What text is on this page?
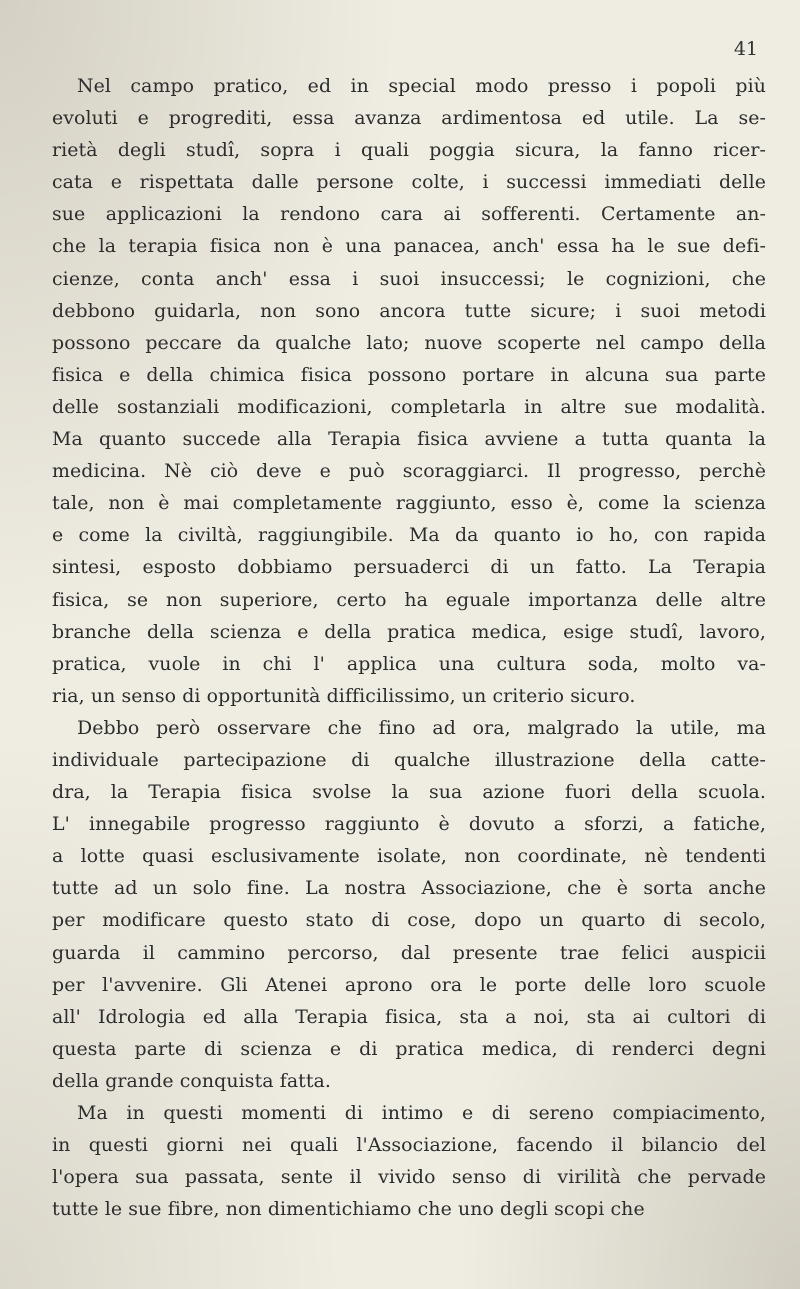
41
Nel campo pratico, ed in special modo presso i popoli più
evoluti e progrediti, essa avanza ardimentosa ed utile. La se-
rietà degli studî, sopra i quali poggia sicura, la fanno ricer-
cata e rispettata dalle persone colte, i successi immediati delle
sue applicazioni la rendono cara ai sofferenti. Certamente an-
che la terapia fisica non è una panacea, anch' essa ha le sue defi-
cienze, conta anch' essa i suoi insuccessi; le cognizioni, che
debbono guidarla, non sono ancora tutte sicure; i suoi metodi
possono peccare da qualche lato; nuove scoperte nel campo della
fisica e della chimica fisica possono portare in alcuna sua parte
delle sostanziali modificazioni, completarla in altre sue modalità.
Ma quanto succede alla Terapia fisica avviene a tutta quanta la
medicina. Nè ciò deve e può scoraggiarci. Il progresso, perchè
tale, non è mai completamente raggiunto, esso è, come la scienza
e come la civiltà, raggiungibile. Ma da quanto io ho, con rapida
sintesi, esposto dobbiamo persuaderci di un fatto. La Terapia
fisica, se non superiore, certo ha eguale importanza delle altre
branche della scienza e della pratica medica, esige studî, lavoro,
pratica, vuole in chi l' applica una cultura soda, molto va-
ria, un senso di opportunità difficilissimo, un criterio sicuro.
Debbo però osservare che fino ad ora, malgrado la utile, ma
individuale partecipazione di qualche illustrazione della catte-
dra, la Terapia fisica svolse la sua azione fuori della scuola.
L' innegabile progresso raggiunto è dovuto a sforzi, a fatiche,
a lotte quasi esclusivamente isolate, non coordinate, nè tendenti
tutte ad un solo fine. La nostra Associazione, che è sorta anche
per modificare questo stato di cose, dopo un quarto di secolo,
guarda il cammino percorso, dal presente trae felici auspicii
per l'avvenire. Gli Atenei aprono ora le porte delle loro scuole
all' Idrologia ed alla Terapia fisica, sta a noi, sta ai cultori di
questa parte di scienza e di pratica medica, di renderci degni
della grande conquista fatta.
Ma in questi momenti di intimo e di sereno compiacimento,
in questi giorni nei quali l'Associazione, facendo il bilancio del
l'opera sua passata, sente il vivido senso di virilità che pervade
tutte le sue fibre, non dimentichiamo che uno degli scopi che
